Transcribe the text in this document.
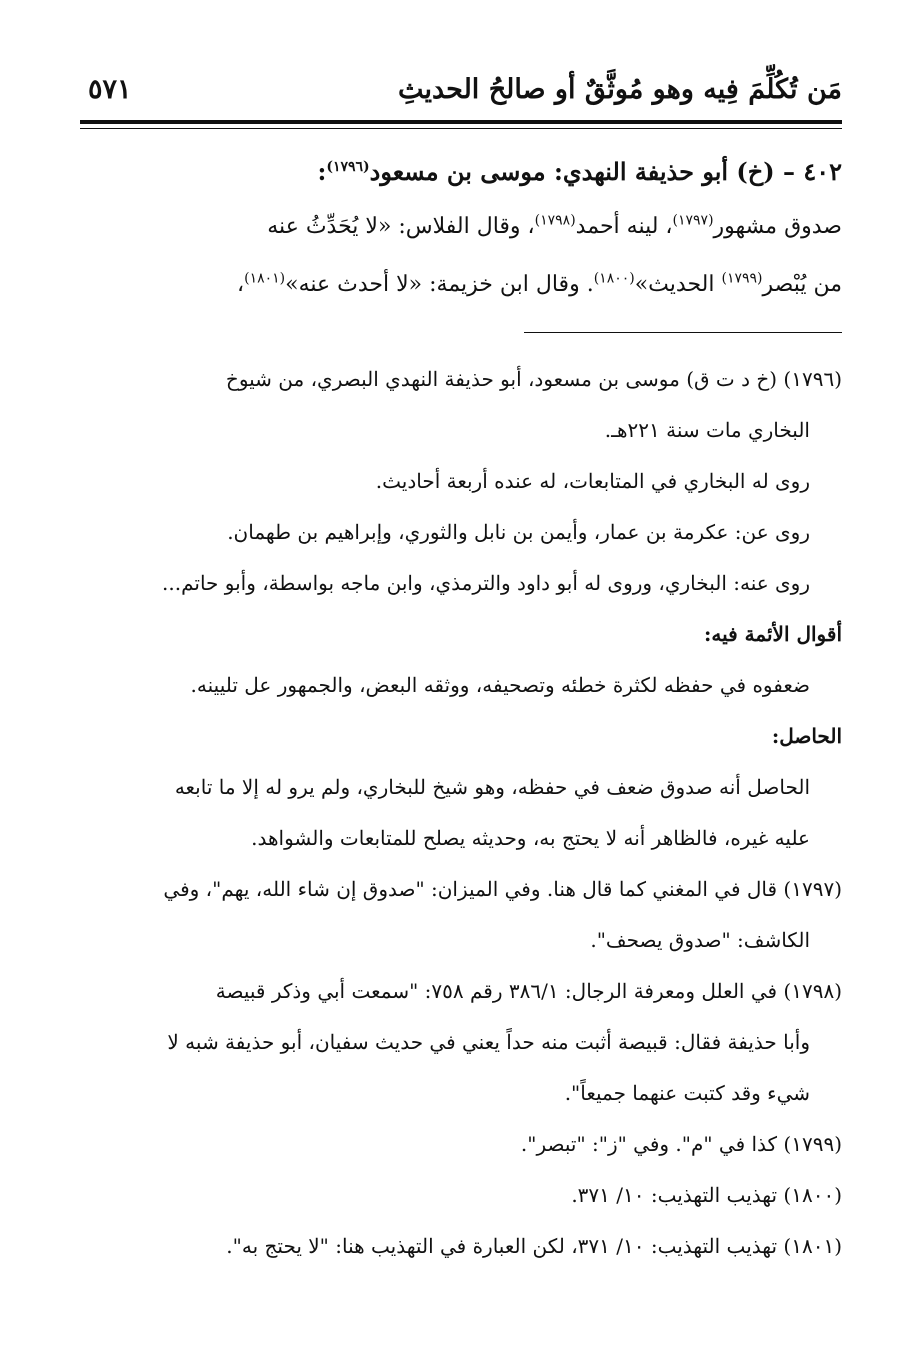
مَن تُكُلِّمَ فِيه وهو مُوثَّقٌ أو صالحُ الحديثِ
٥٧١
٤٠٢ – (خ) أبو حذيفة النهدي: موسى بن مسعود$^{(١٧٩٦)}$:
صدوق مشهور$^{(١٧٩٧)}$، لينه أحمد$^{(١٧٩٨)}$، وقال الفلاس: «لا يُحَدِّثُ عنه
من يُبْصر$^{(١٧٩٩)}$ الحديث»$^{(١٨٠٠)}$. وقال ابن خزيمة: «لا أحدث عنه»$^{(١٨٠١)}$،
(١٧٩٦) (خ د ت ق) موسى بن مسعود، أبو حذيفة النهدي البصري، من شيوخ
البخاري مات سنة ٢٢١هـ.
روى له البخاري في المتابعات، له عنده أربعة أحاديث.
روى عن: عكرمة بن عمار، وأيمن بن نابل والثوري، وإبراهيم بن طهمان.
روى عنه: البخاري، وروى له أبو داود والترمذي، وابن ماجه بواسطة، وأبو حاتم...
أقوال الأئمة فيه:
ضعفوه في حفظه لكثرة خطئه وتصحيفه، ووثقه البعض، والجمهور عل تليينه.
الحاصل:
الحاصل أنه صدوق ضعف في حفظه، وهو شيخ للبخاري، ولم يرو له إلا ما تابعه
عليه غيره، فالظاهر أنه لا يحتج به، وحديثه يصلح للمتابعات والشواهد.
(١٧٩٧) قال في المغني كما قال هنا. وفي الميزان: "صدوق إن شاء الله، يهم"، وفي
الكاشف: "صدوق يصحف".
(١٧٩٨) في العلل ومعرفة الرجال: ٣٨٦/١ رقم ٧٥٨: "سمعت أبي وذكر قبيصة
وأبا حذيفة فقال: قبيصة أثبت منه حداً يعني في حديث سفيان، أبو حذيفة شبه لا
شيء وقد كتبت عنهما جميعاً".
(١٧٩٩) كذا في "م". وفي "ز": "تبصر".
(١٨٠٠) تهذيب التهذيب: ١٠/ ٣٧١.
(١٨٠١) تهذيب التهذيب: ١٠/ ٣٧١، لكن العبارة في التهذيب هنا: "لا يحتج به".
